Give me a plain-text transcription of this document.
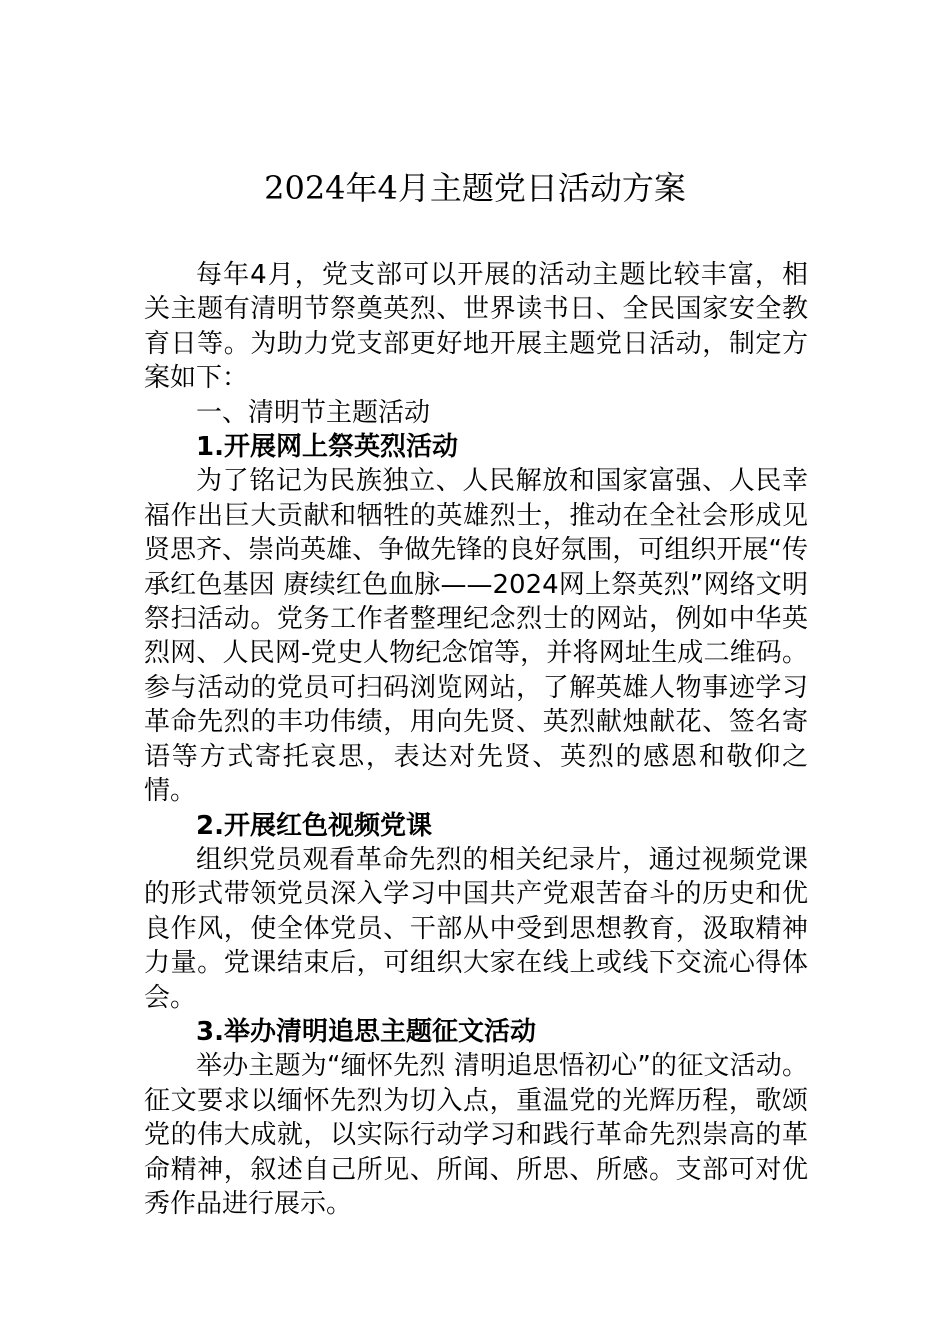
2024年4月主题党日活动方案

每年4月，党支部可以开展的活动主题比较丰富，相关主题有清明节祭奠英烈、世界读书日、全民国家安全教育日等。为助力党支部更好地开展主题党日活动，制定方案如下：

一、清明节主题活动

1.开展网上祭英烈活动

为了铭记为民族独立、人民解放和国家富强、人民幸福作出巨大贡献和牺牲的英雄烈士，推动在全社会形成见贤思齐、崇尚英雄、争做先锋的良好氛围，可组织开展“传承红色基因 赓续红色血脉——2024网上祭英烈”网络文明祭扫活动。党务工作者整理纪念烈士的网站，例如中华英烈网、人民网-党史人物纪念馆等，并将网址生成二维码。参与活动的党员可扫码浏览网站，了解英雄人物事迹学习革命先烈的丰功伟绩，用向先贤、英烈献烛献花、签名寄语等方式寄托哀思，表达对先贤、英烈的感恩和敬仰之情。

2.开展红色视频党课

组织党员观看革命先烈的相关纪录片，通过视频党课的形式带领党员深入学习中国共产党艰苦奋斗的历史和优良作风，使全体党员、干部从中受到思想教育，汲取精神力量。党课结束后，可组织大家在线上或线下交流心得体会。

3.举办清明追思主题征文活动

举办主题为“缅怀先烈 清明追思悟初心”的征文活动。征文要求以缅怀先烈为切入点，重温党的光辉历程，歌颂党的伟大成就，以实际行动学习和践行革命先烈崇高的革命精神，叙述自己所见、所闻、所思、所感。支部可对优秀作品进行展示。
